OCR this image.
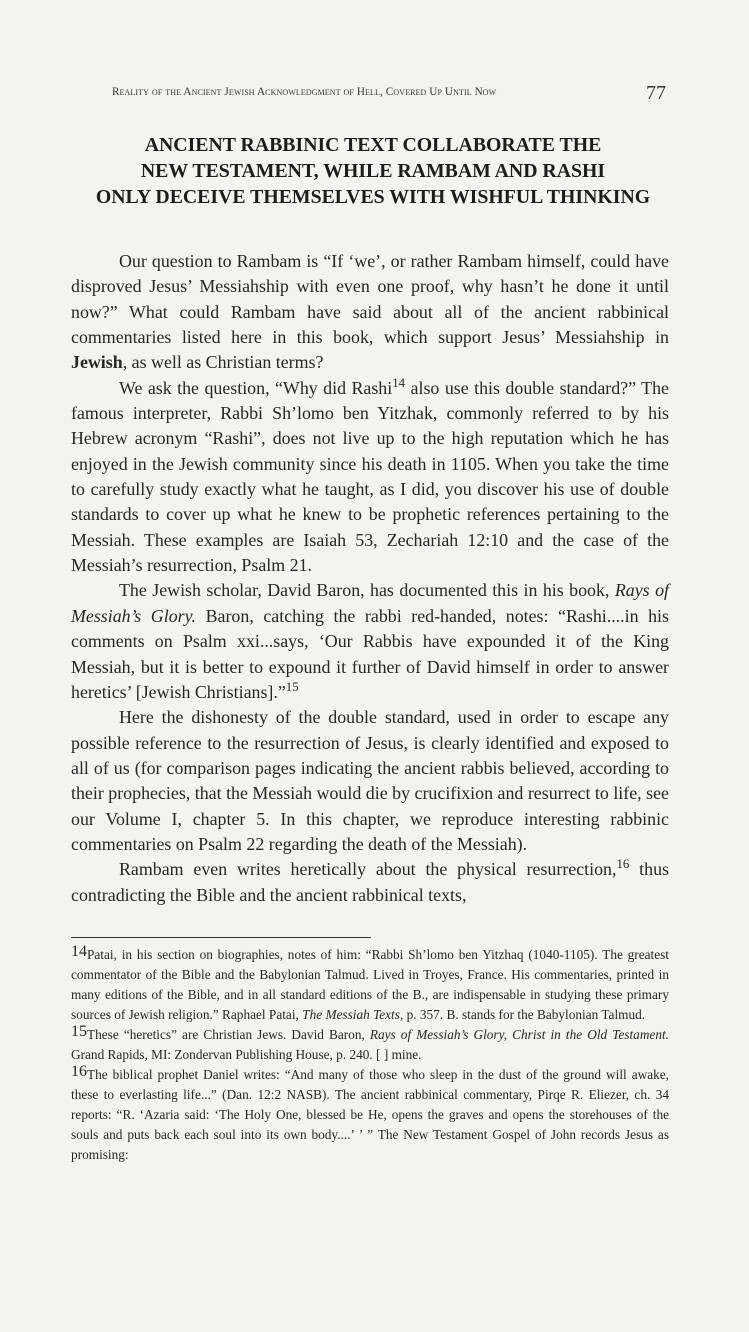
Reality of the Ancient Jewish Acknowledgment of Hell, Covered Up Until Now	77
ANCIENT RABBINIC TEXT COLLABORATE THE
NEW TESTAMENT, WHILE RAMBAM AND RASHI
ONLY DECEIVE THEMSELVES WITH WISHFUL THINKING

Our question to Rambam is “If ‘we’, or rather Rambam himself, could have disproved Jesus’ Messiahship with even one proof, why hasn’t he done it until now?” What could Rambam have said about all of the ancient rabbinical commentaries listed here in this book, which support Jesus’ Messiahship in Jewish, as well as Christian terms?

We ask the question, “Why did Rashi$^{14}$ also use this double standard?” The famous interpreter, Rabbi Sh’lomo ben Yitzhak, commonly referred to by his Hebrew acronym “Rashi”, does not live up to the high reputation which he has enjoyed in the Jewish community since his death in 1105. When you take the time to carefully study exactly what he taught, as I did, you discover his use of double standards to cover up what he knew to be prophetic references pertaining to the Messiah. These examples are Isaiah 53, Zechariah 12:10 and the case of the Messiah’s resurrection, Psalm 21.

The Jewish scholar, David Baron, has documented this in his book, Rays of Messiah’s Glory. Baron, catching the rabbi red-handed, notes: “Rashi....in his comments on Psalm xxi...says, ‘Our Rabbis have expounded it of the King Messiah, but it is better to expound it further of David himself in order to answer heretics’ [Jewish Christians].”$^{15}$

Here the dishonesty of the double standard, used in order to escape any possible reference to the resurrection of Jesus, is clearly identified and exposed to all of us (for comparison pages indicating the ancient rabbis believed, according to their prophecies, that the Messiah would die by crucifixion and resurrect to life, see our Volume I, chapter 5. In this chapter, we reproduce interesting rabbinic commentaries on Psalm 22 regarding the death of the Messiah).

Rambam even writes heretically about the physical resurrection,$^{16}$ thus contradicting the Bible and the ancient rabbinical texts,

14Patai, in his section on biographies, notes of him: “Rabbi Sh’lomo ben Yitzhaq (1040-1105). The greatest commentator of the Bible and the Babylonian Talmud. Lived in Troyes, France. His commentaries, printed in many editions of the Bible, and in all standard editions of the B., are indispensable in studying these primary sources of Jewish religion.” Raphael Patai, The Messiah Texts, p. 357. B. stands for the Babylonian Talmud.

15These “heretics” are Christian Jews. David Baron, Rays of Messiah’s Glory, Christ in the Old Testament. Grand Rapids, MI: Zondervan Publishing House, p. 240. [ ] mine.

16The biblical prophet Daniel writes: “And many of those who sleep in the dust of the ground will awake, these to everlasting life...” (Dan. 12:2 NASB). The ancient rabbinical commentary, Pirqe R. Eliezer, ch. 34 reports: “R. ‘Azaria said: ‘The Holy One, blessed be He, opens the graves and opens the storehouses of the souls and puts back each soul into its own body....’ ’ ” The New Testament Gospel of John records Jesus as promising:
